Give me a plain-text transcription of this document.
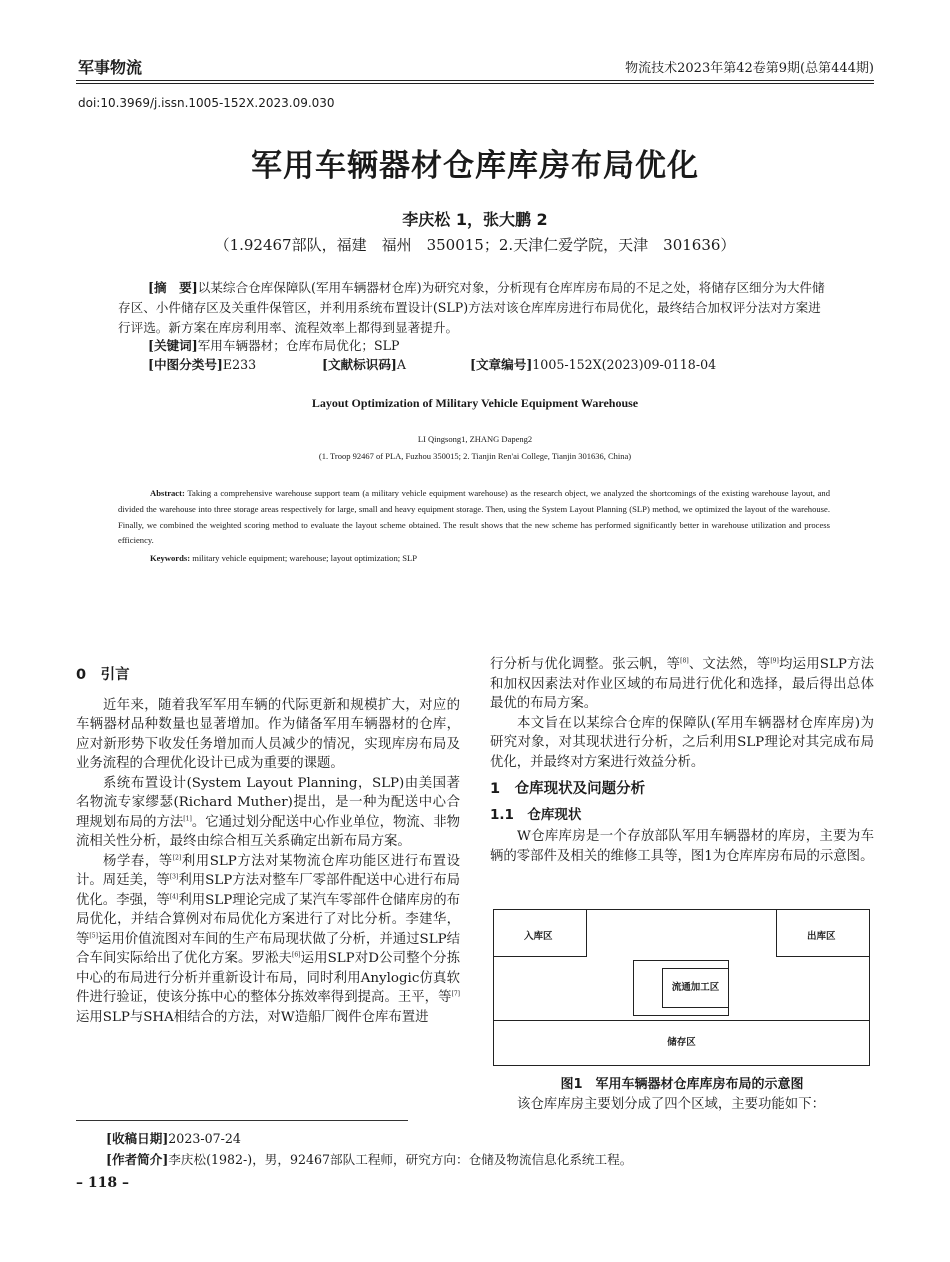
军事物流	物流技术2023年第42卷第9期(总第444期)
doi:10.3969/j.issn.1005-152X.2023.09.030
军用车辆器材仓库库房布局优化
李庆松 1，张大鹏 2
（1.92467部队，福建　福州　350015；2.天津仁爱学院，天津　301636）
[摘　要]以某综合仓库保障队(军用车辆器材仓库)为研究对象，分析现有仓库库房布局的不足之处，将储存区细分为大件储存区、小件储存区及关重件保管区，并利用系统布置设计(SLP)方法对该仓库库房进行布局优化，最终结合加权评分法对方案进行评选。新方案在库房利用率、流程效率上都得到显著提升。
[关键词]军用车辆器材；仓库布局优化；SLP
[中图分类号]E233	[文献标识码]A	[文章编号]1005-152X(2023)09-0118-04
Layout Optimization of Military Vehicle Equipment Warehouse
LI Qingsong1, ZHANG Dapeng2
(1. Troop 92467 of PLA, Fuzhou 350015; 2. Tianjin Ren'ai College, Tianjin 301636, China)
Abstract: Taking a comprehensive warehouse support team (a military vehicle equipment warehouse) as the research object, we analyzed the shortcomings of the existing warehouse layout, and divided the warehouse into three storage areas respectively for large, small and heavy equipment storage. Then, using the System Layout Planning (SLP) method, we optimized the layout of the warehouse. Finally, we combined the weighted scoring method to evaluate the layout scheme obtained. The result shows that the new scheme has performed significantly better in warehouse utilization and process efficiency.
Keywords: military vehicle equipment; warehouse; layout optimization; SLP
0　引言

近年来，随着我军军用车辆的代际更新和规模扩大，对应的车辆器材品种数量也显著增加。作为储备军用车辆器材的仓库，应对新形势下收发任务增加而人员减少的情况，实现库房布局及业务流程的合理优化设计已成为重要的课题。

系统布置设计(System Layout Planning，SLP)由美国著名物流专家缪瑟(Richard Muther)提出，是一种为配送中心合理规划布局的方法[1]。它通过划分配送中心作业单位，物流、非物流相关性分析，最终由综合相互关系确定出新布局方案。

杨学春，等[2]利用SLP方法对某物流仓库功能区进行布置设计。周廷美，等[3]利用SLP方法对整车厂零部件配送中心进行布局优化。李强，等[4]利用SLP理论完成了某汽车零部件仓储库房的布局优化，并结合算例对布局优化方案进行了对比分析。李建华，等[5]运用价值流图对车间的生产布局现状做了分析，并通过SLP结合车间实际给出了优化方案。罗淞夫[6]运用SLP对D公司整个分拣中心的布局进行分析并重新设计布局，同时利用Anylogic仿真软件进行验证，使该分拣中心的整体分拣效率得到提高。王平，等[7]运用SLP与SHA相结合的方法，对W造船厂阀件仓库布置进

行分析与优化调整。张云帆，等[8]、文法然，等[9]均运用SLP方法和加权因素法对作业区域的布局进行优化和选择，最后得出总体最优的布局方案。

本文旨在以某综合仓库的保障队(军用车辆器材仓库库房)为研究对象，对其现状进行分析，之后利用SLP理论对其完成布局优化，并最终对方案进行效益分析。

1　仓库现状及问题分析
1.1　仓库现状

W仓库库房是一个存放部队军用车辆器材的库房，主要为车辆的零部件及相关的维修工具等，图1为仓库库房布局的示意图。

入库区	出库区
流通加工区
储存区
图1　军用车辆器材仓库库房布局的示意图
该仓库库房主要划分成了四个区域，主要功能如下：
[收稿日期]2023-07-24
[作者简介]李庆松(1982-)，男，92467部队工程师，研究方向：仓储及物流信息化系统工程。
– 118 –
